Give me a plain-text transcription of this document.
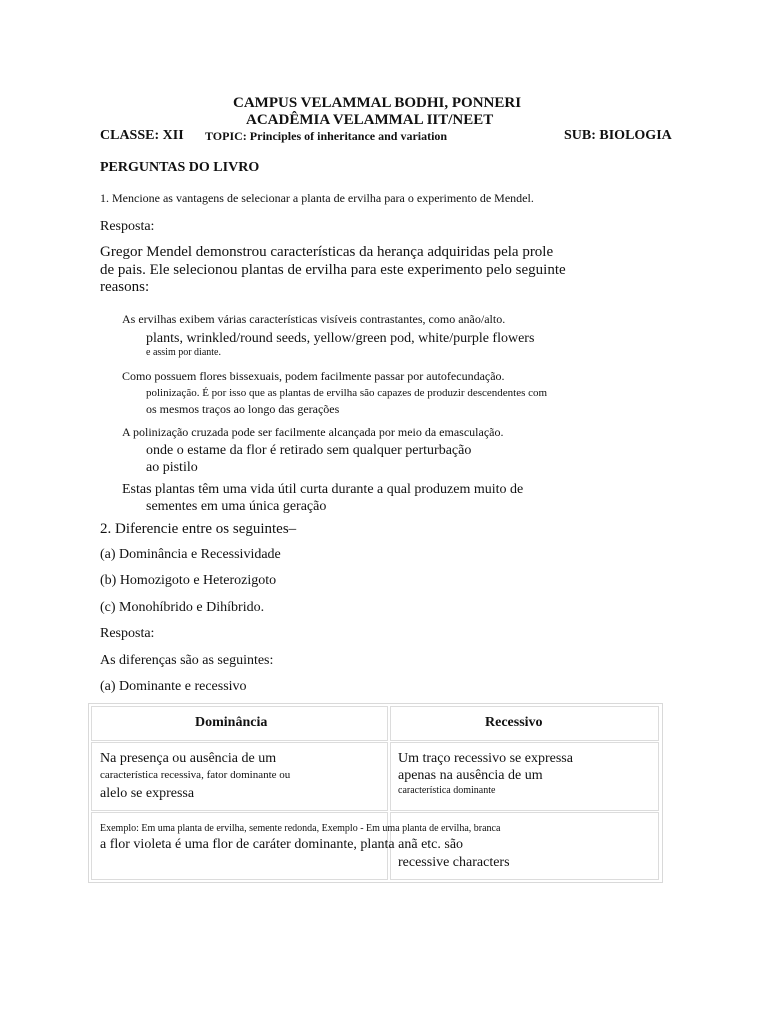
CAMPUS VELAMMAL BODHI, PONNERI
ACADÊMIA VELAMMAL IIT/NEET
CLASSE: XII TOPIC: Principles of inheritance and variation	SUB: BIOLOGIA
PERGUNTAS DO LIVRO
1. Mencione as vantagens de selecionar a planta de ervilha para o experimento de Mendel.
Resposta:
Gregor Mendel demonstrou características da herança adquiridas pela prole
de pais. Ele selecionou plantas de ervilha para este experimento pelo seguinte
reasons:
As ervilhas exibem várias características visíveis contrastantes, como anão/alto.
plants, wrinkled/round seeds, yellow/green pod, white/purple flowers
e assim por diante.
Como possuem flores bissexuais, podem facilmente passar por autofecundação.
polinização. É por isso que as plantas de ervilha são capazes de produzir descendentes com
os mesmos traços ao longo das gerações
A polinização cruzada pode ser facilmente alcançada por meio da emasculação.
onde o estame da flor é retirado sem qualquer perturbação
ao pistilo
Estas plantas têm uma vida útil curta durante a qual produzem muito de
sementes em uma única geração
2. Diferencie entre os seguintes–
(a) Dominância e Recessividade
(b) Homozigoto e Heterozigoto
(c) Monohíbrido e Dihíbrido.
Resposta:
As diferenças são as seguintes:
(a) Dominante e recessivo
Dominância	Recessivo
Na presença ou ausência de um
característica recessiva, fator dominante ou
alelo se expressa
Um traço recessivo se expressa
apenas na ausência de um
característica dominante
Exemplo: Em uma planta de ervilha, semente redonda, Exemplo - Em uma planta de ervilha, branca
a flor violeta é uma flor de caráter dominante, planta anã etc. são
recessive characters
